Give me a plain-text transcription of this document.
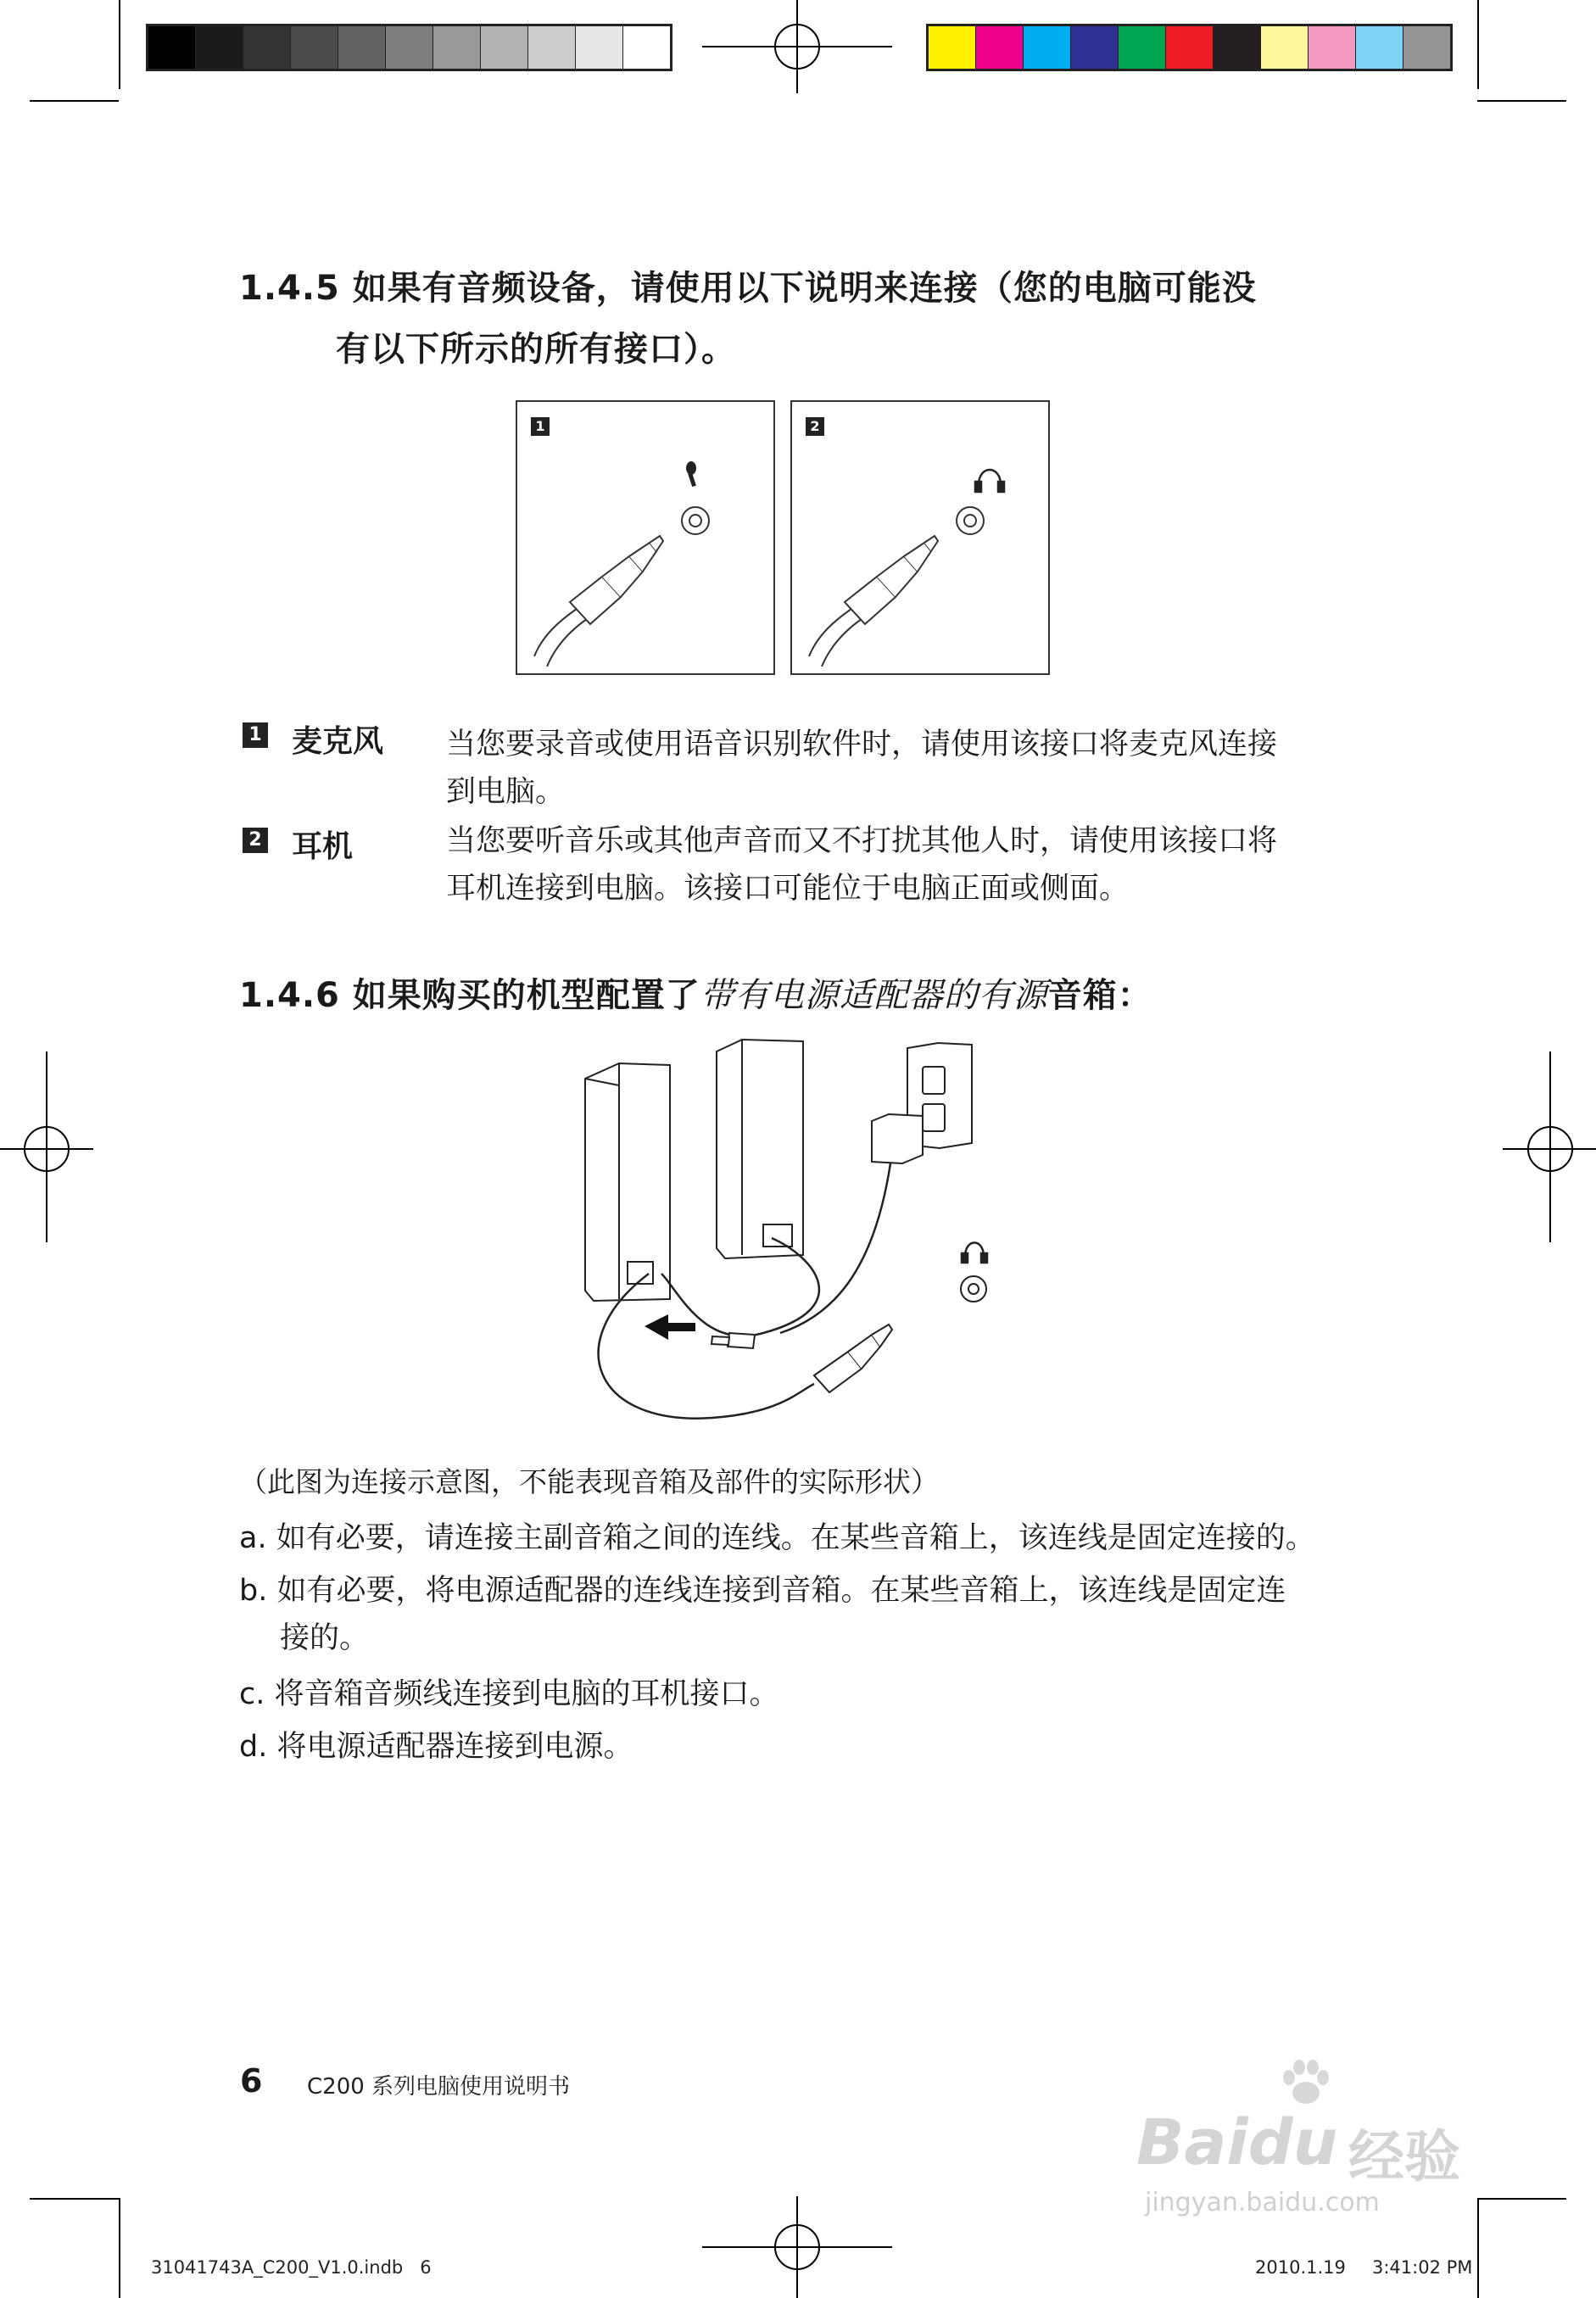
1.4.5 如果有音频设备，请使用以下说明来连接（您的电脑可能没
有以下所示的所有接口）。
1	2
1 麦克风 当您要录音或使用语音识别软件时，请使用该接口将麦克风连接
到电脑。
2 耳机	当您要听音乐或其他声音而又不打扰其他人时，请使用该接口将
耳机连接到电脑。该接口可能位于电脑正面或侧面。
1.4.6 如果购买的机型配置了带有电源适配器的有源音箱：
（此图为连接示意图，不能表现音箱及部件的实际形状）
a. 如有必要，请连接主副音箱之间的连线。在某些音箱上，该连线是固定连接的。
b. 如有必要，将电源适配器的连线连接到音箱。在某些音箱上，该连线是固定连
接的。
c. 将音箱音频线连接到电脑的耳机接口。
d. 将电源适配器连接到电源。
6 C200 系列电脑使用说明书
31041743A_C200_V1.0.indb   6	2010.1.19 3:41:02 PM
Baidu 经验
jingyan.baidu.com
